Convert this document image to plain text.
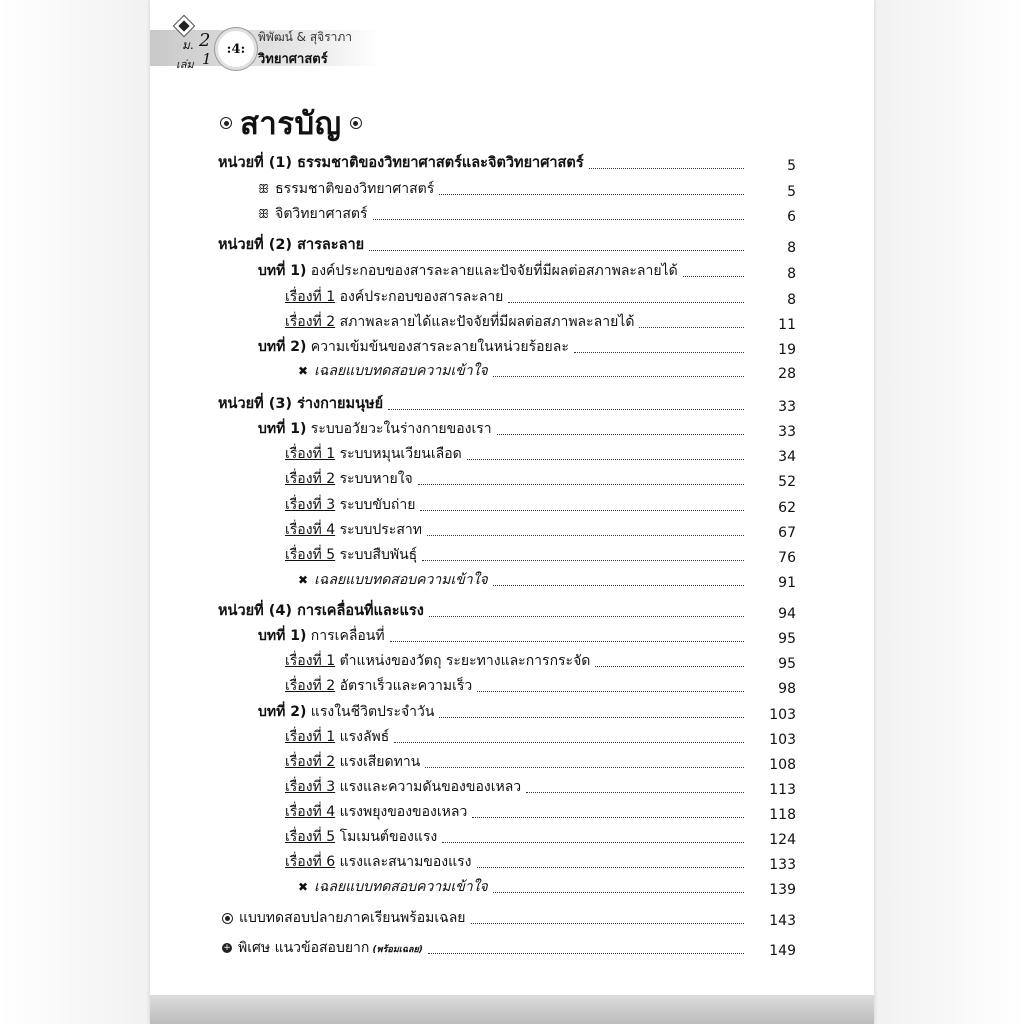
ม. 2
เล่ม 1
:4:
พิพัฒน์ & สุจิราภา
วิทยาศาสตร์
สารบัญ
หน่วยที่ (1) ธรรมชาติของวิทยาศาสตร์และจิตวิทยาศาสตร์	5
ꕥ ธรรมชาติของวิทยาศาสตร์	5
ꕥ จิตวิทยาศาสตร์	6
หน่วยที่ (2) สารละลาย	8
บทที่ 1) องค์ประกอบของสารละลายและปัจจัยที่มีผลต่อสภาพละลายได้	8
เรื่องที่ 1 องค์ประกอบของสารละลาย	8
เรื่องที่ 2 สภาพละลายได้และปัจจัยที่มีผลต่อสภาพละลายได้	11
บทที่ 2) ความเข้มข้นของสารละลายในหน่วยร้อยละ	19
✖ เฉลยแบบทดสอบความเข้าใจ	28
หน่วยที่ (3) ร่างกายมนุษย์	33
บทที่ 1) ระบบอวัยวะในร่างกายของเรา	33
เรื่องที่ 1 ระบบหมุนเวียนเลือด	34
เรื่องที่ 2 ระบบหายใจ	52
เรื่องที่ 3 ระบบขับถ่าย	62
เรื่องที่ 4 ระบบประสาท	67
เรื่องที่ 5 ระบบสืบพันธุ์	76
✖ เฉลยแบบทดสอบความเข้าใจ	91
หน่วยที่ (4) การเคลื่อนที่และแรง	94
บทที่ 1) การเคลื่อนที่	95
เรื่องที่ 1 ตำแหน่งของวัตถุ ระยะทางและการกระจัด	95
เรื่องที่ 2 อัตราเร็วและความเร็ว	98
บทที่ 2) แรงในชีวิตประจำวัน	103
เรื่องที่ 1 แรงลัพธ์	103
เรื่องที่ 2 แรงเสียดทาน	108
เรื่องที่ 3 แรงและความดันของของเหลว	113
เรื่องที่ 4 แรงพยุงของของเหลว	118
เรื่องที่ 5 โมเมนต์ของแรง	124
เรื่องที่ 6 แรงและสนามของแรง	133
✖ เฉลยแบบทดสอบความเข้าใจ	139
แบบทดสอบปลายภาคเรียนพร้อมเฉลย	143
+ พิเศษ แนวข้อสอบยาก (พร้อมเฉลย)	149
